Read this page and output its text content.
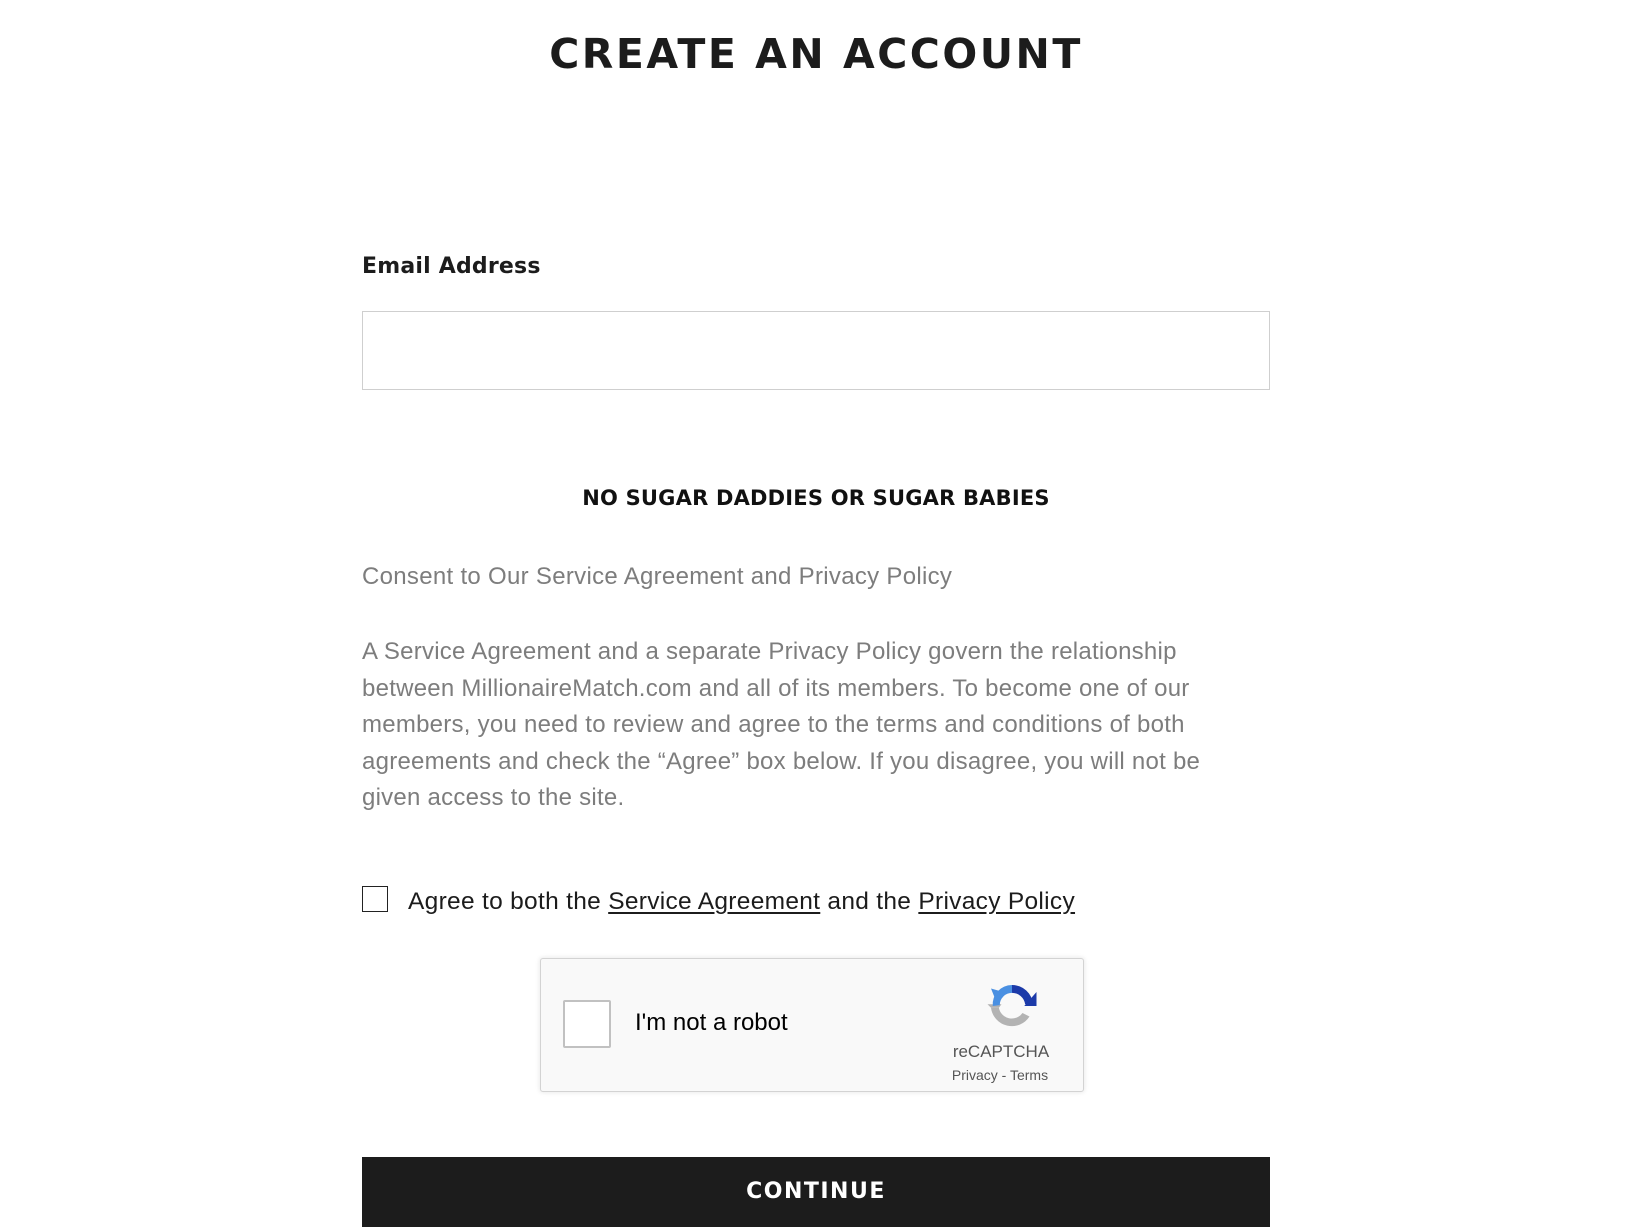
CREATE AN ACCOUNT
Email Address
NO SUGAR DADDIES OR SUGAR BABIES
Consent to Our Service Agreement and Privacy Policy

A Service Agreement and a separate Privacy Policy govern the relationship between MillionaireMatch.com and all of its members. To become one of our members, you need to review and agree to the terms and conditions of both agreements and check the “Agree” box below. If you disagree, you will not be given access to the site.

Agree to both the Service Agreement and the Privacy Policy
I'm not a robot
reCAPTCHA
Privacy - Terms
CONTINUE
